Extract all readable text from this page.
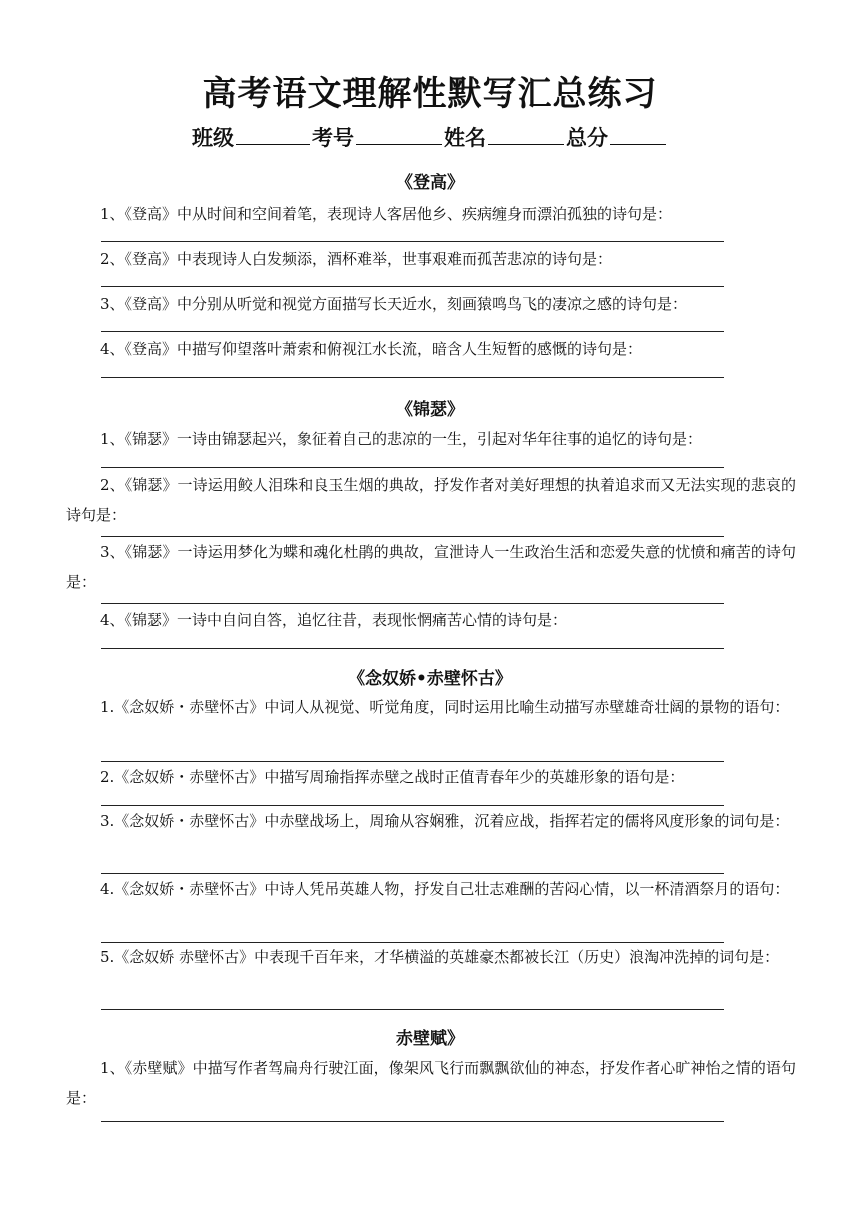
高考语文理解性默写汇总练习
班级	考号	姓名	总分
《登高》
1、《登高》中从时间和空间着笔，表现诗人客居他乡、疾病缠身而漂泊孤独的诗句是：
2、《登高》中表现诗人白发频添，酒杯难举，世事艰难而孤苦悲凉的诗句是：
3、《登高》中分别从听觉和视觉方面描写长天近水，刻画猿鸣鸟飞的凄凉之感的诗句是：
4、《登高》中描写仰望落叶萧索和俯视江水长流，暗含人生短暂的感慨的诗句是：
《锦瑟》
1、《锦瑟》一诗由锦瑟起兴，象征着自己的悲凉的一生，引起对华年往事的追忆的诗句是：
2、《锦瑟》一诗运用鲛人泪珠和良玉生烟的典故，抒发作者对美好理想的执着追求而又无法实现的悲哀的诗句是：
3、《锦瑟》一诗运用梦化为蝶和魂化杜鹃的典故，宣泄诗人一生政治生活和恋爱失意的忧愤和痛苦的诗句是：
4、《锦瑟》一诗中自问自答，追忆往昔，表现怅惘痛苦心情的诗句是：
《念奴娇•赤壁怀古》
1.《念奴娇・赤壁怀古》中词人从视觉、听觉角度，同时运用比喻生动描写赤壁雄奇壮阔的景物的语句：
2.《念奴娇・赤壁怀古》中描写周瑜指挥赤壁之战时正值青春年少的英雄形象的语句是：
3.《念奴娇・赤壁怀古》中赤壁战场上，周瑜从容娴雅，沉着应战，指挥若定的儒将风度形象的词句是：
4.《念奴娇・赤壁怀古》中诗人凭吊英雄人物，抒发自己壮志难酬的苦闷心情，以一杯清酒祭月的语句：
5.《念奴娇 赤壁怀古》中表现千百年来，才华横溢的英雄豪杰都被长江（历史）浪淘冲洗掉的词句是：
赤壁赋》
1、《赤壁赋》中描写作者驾扁舟行驶江面，像架风飞行而飘飘欲仙的神态，抒发作者心旷神怡之情的语句是：
